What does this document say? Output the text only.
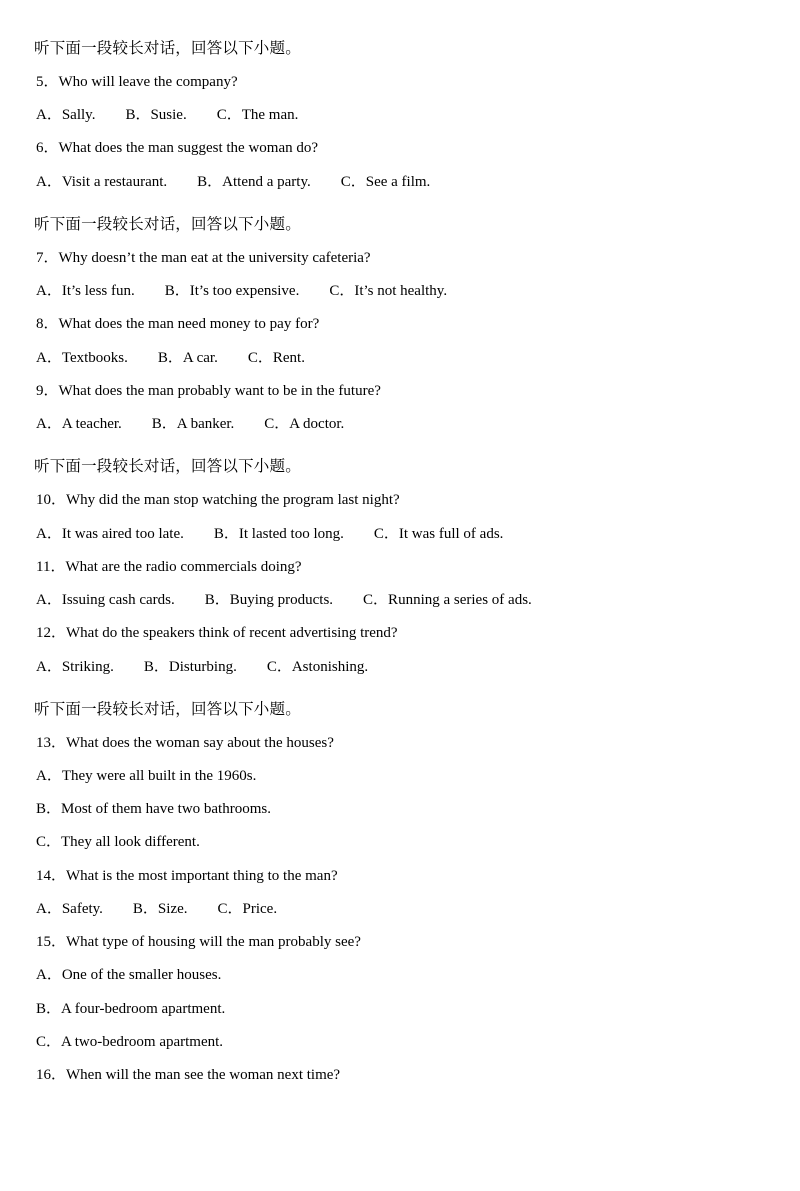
听下面一段较长对话，回答以下小题。
5．Who will leave the company?
A．Sally.　　B．Susie.　　C．The man.
6．What does the man suggest the woman do?
A．Visit a restaurant.　　B．Attend a party.　　C．See a film.
听下面一段较长对话，回答以下小题。
7．Why doesn’t the man eat at the university cafeteria?
A．It’s less fun.　　B．It’s too expensive.　　C．It’s not healthy.
8．What does the man need money to pay for?
A．Textbooks.　　B．A car.　　C．Rent.
9．What does the man probably want to be in the future?
A．A teacher.　　B．A banker.　　C．A doctor.
听下面一段较长对话，回答以下小题。
10．Why did the man stop watching the program last night?
A．It was aired too late.　　B．It lasted too long.　　C．It was full of ads.
11．What are the radio commercials doing?
A．Issuing cash cards.　　B．Buying products.　　C．Running a series of ads.
12．What do the speakers think of recent advertising trend?
A．Striking.　　B．Disturbing.　　C．Astonishing.
听下面一段较长对话，回答以下小题。
13．What does the woman say about the houses?
A．They were all built in the 1960s.
B．Most of them have two bathrooms.
C．They all look different.
14．What is the most important thing to the man?
A．Safety.　　B．Size.　　C．Price.
15．What type of housing will the man probably see?
A．One of the smaller houses.
B．A four-bedroom apartment.
C．A two-bedroom apartment.
16．When will the man see the woman next time?
